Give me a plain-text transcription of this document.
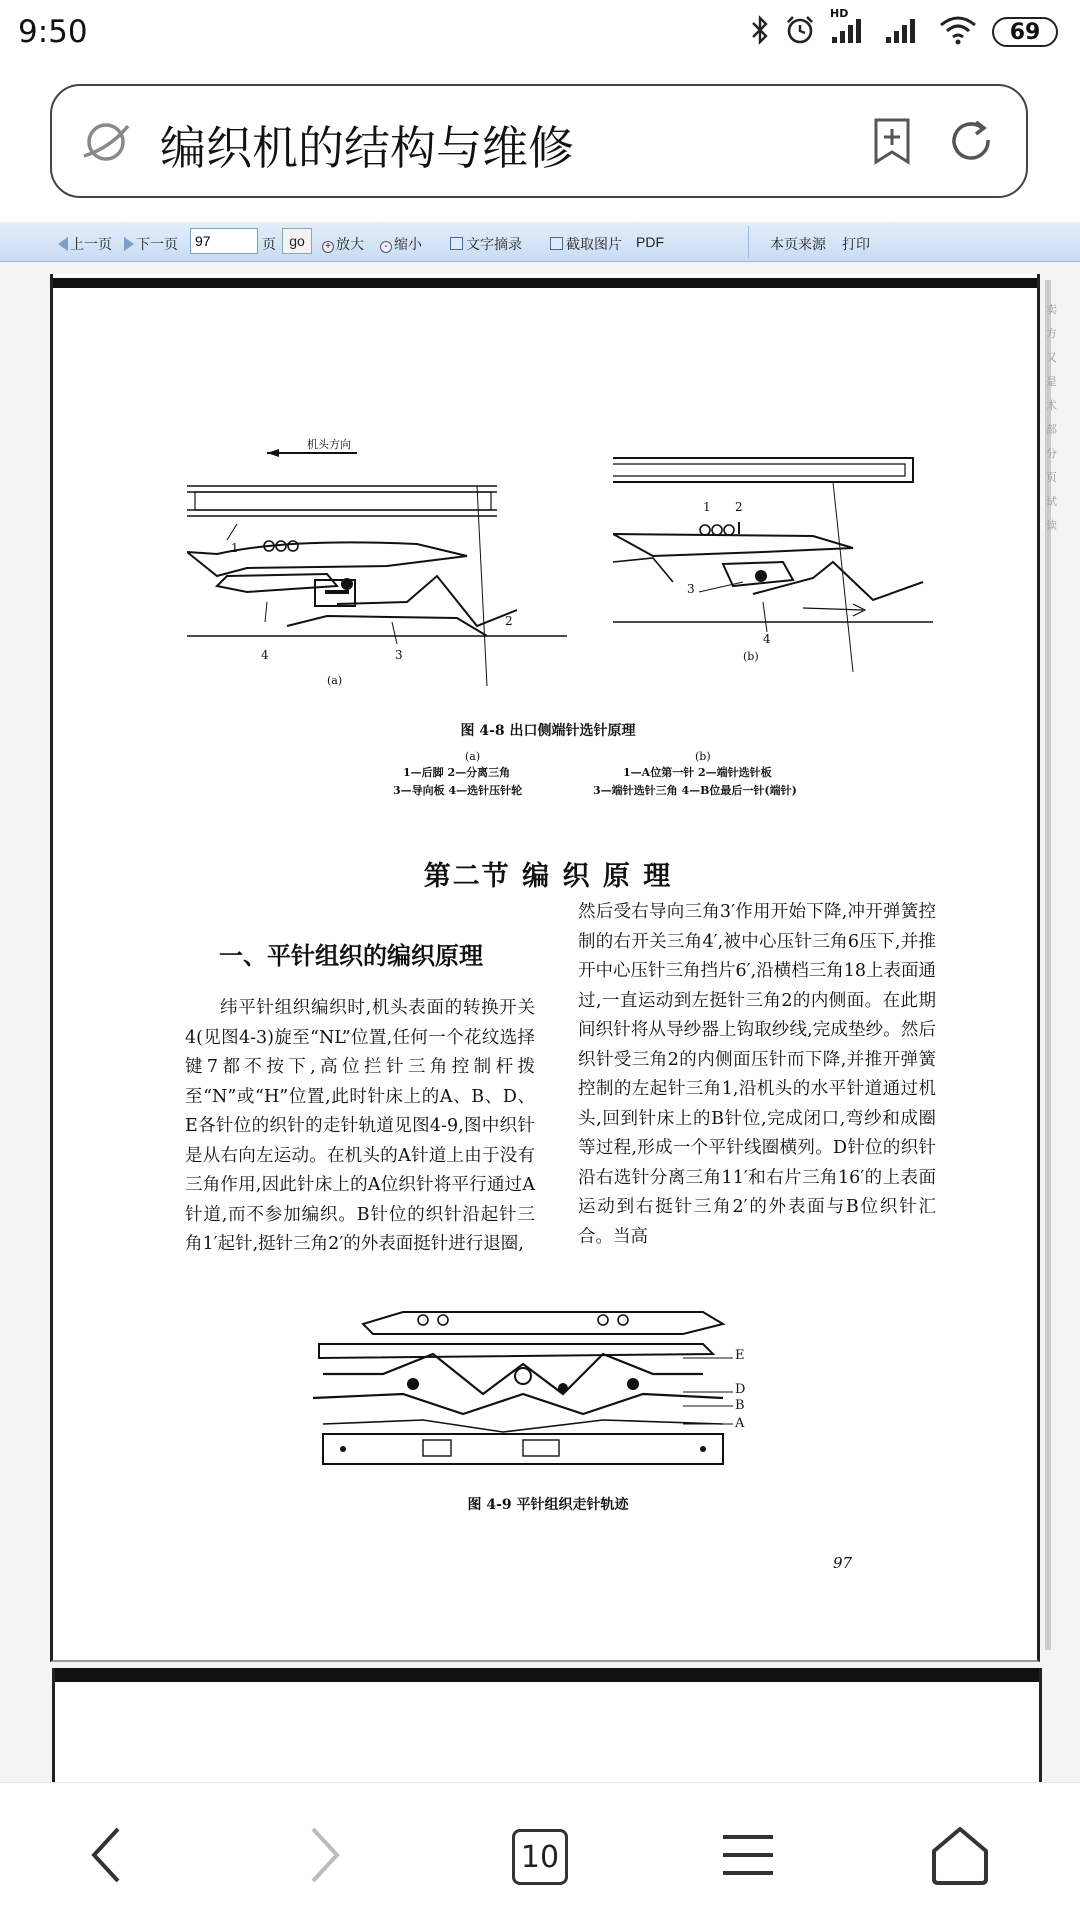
9:50
HD
69
编织机的结构与维修
上一页	下一页
97	页 go	+ 放大	- 缩小	文字摘录	截取图片 PDF	本页来源 打印
机头方向
1
2
3
4
(a)
1 2
3
4
(b)
图 4-8 出口侧端针选针原理
(a)
1—后脚 2—分离三角
3—导向板 4—选针压针轮
(b)
1—A位第一针 2—端针选针板
3—端针选针三角 4—B位最后一针(端针)
第二节 编 织 原 理
一、平针组织的编织原理
纬平针组织编织时,机头表面的转换开关4(见图4-3)旋至“NL”位置,任何一个花纹选择键7都不按下,高位拦针三角控制杆拨至“N”或“H”位置,此时针床上的A、B、D、E各针位的织针的走针轨道见图4-9,图中织针是从右向左运动。在机头的A针道上由于没有三角作用,因此针床上的A位织针将平行通过A针道,而不参加编织。B针位的织针沿起针三角1′起针,挺针三角2′的外表面挺针进行退圈,
然后受右导向三角3′作用开始下降,冲开弹簧控制的右开关三角4′,被中心压针三角6压下,并推开中心压针三角挡片6′,沿横档三角18上表面通过,一直运动到左挺针三角2的内侧面。在此期间织针将从导纱器上钩取纱线,完成垫纱。然后织针受三角2的内侧面压针而下降,并推开弹簧控制的左起针三角1,沿机头的水平针道通过机头,回到针床上的B针位,完成闭口,弯纱和成圈等过程,形成一个平针线圈横列。D针位的织针沿右选针分离三角11′和右片三角16′的上表面运动到右挺针三角2′的外表面与B位织针汇合。当高
E
D
B
A
图 4-9 平针组织走针轨迹
97
卖
方
又
是
术
部
分
页
试
读
10
